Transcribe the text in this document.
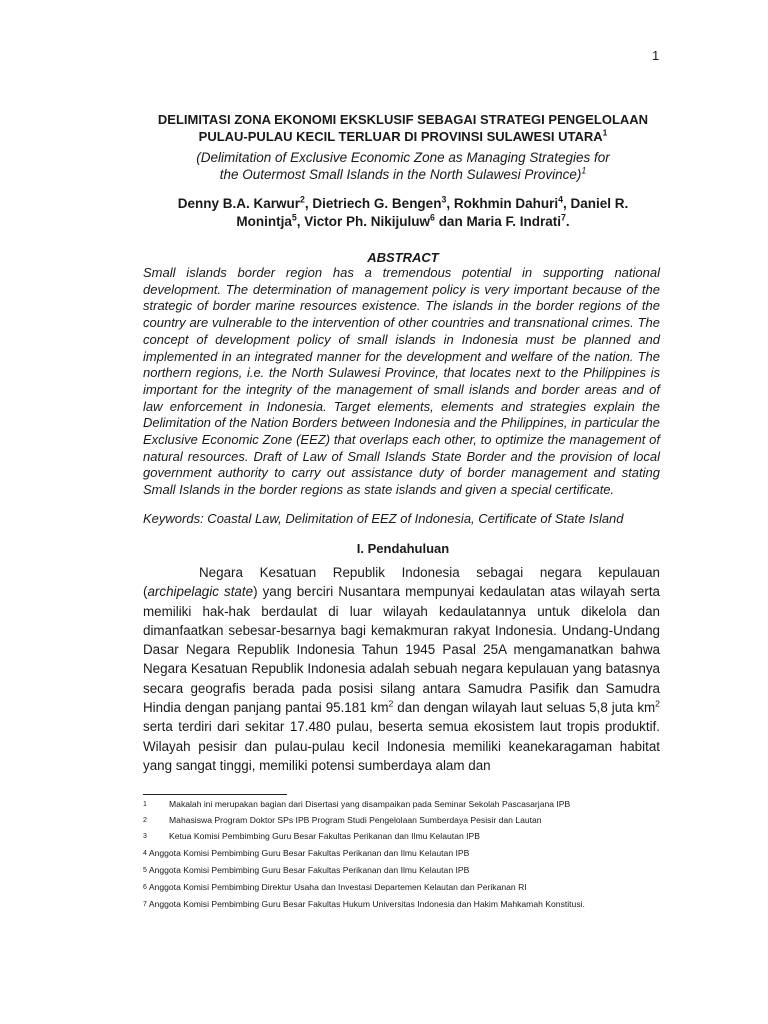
1
DELIMITASI ZONA EKONOMI EKSKLUSIF SEBAGAI STRATEGI PENGELOLAAN
PULAU-PULAU KECIL TERLUAR DI PROVINSI SULAWESI UTARA$^1$
(Delimitation of Exclusive Economic Zone as Managing Strategies for
the Outermost Small Islands in the North Sulawesi Province)$^1$
Denny B.A. Karwur$^2$, Dietriech G. Bengen$^3$, Rokhmin Dahuri$^4$, Daniel R.
Monintja$^5$, Victor Ph. Nikijuluw$^6$ dan Maria F. Indrati$^7$.
ABSTRACT

Small islands border region has a tremendous potential in supporting national development. The determination of management policy is very important because of the strategic of border marine resources existence. The islands in the border regions of the country are vulnerable to the intervention of other countries and transnational crimes. The concept of development policy of small islands in Indonesia must be planned and implemented in an integrated manner for the development and welfare of the nation. The northern regions, i.e. the North Sulawesi Province, that locates next to the Philippines is important for the integrity of the management of small islands and border areas and of law enforcement in Indonesia. Target elements, elements and strategies explain the Delimitation of the Nation Borders between Indonesia and the Philippines, in particular the Exclusive Economic Zone (EEZ) that overlaps each other, to optimize the management of natural resources. Draft of Law of Small Islands State Border and the provision of local government authority to carry out assistance duty of border management and stating Small Islands in the border regions as state islands and given a special certificate.

Keywords: Coastal Law, Delimitation of EEZ of Indonesia, Certificate of State Island

I. Pendahuluan

Negara Kesatuan Republik Indonesia sebagai negara kepulauan (archipelagic state) yang berciri Nusantara mempunyai kedaulatan atas wilayah serta memiliki hak-hak berdaulat di luar wilayah kedaulatannya untuk dikelola dan dimanfaatkan sebesar-besarnya bagi kemakmuran rakyat Indonesia. Undang-Undang Dasar Negara Republik Indonesia Tahun 1945 Pasal 25A mengamanatkan bahwa Negara Kesatuan Republik Indonesia adalah sebuah negara kepulauan yang batasnya secara geografis berada pada posisi silang antara Samudra Pasifik dan Samudra Hindia dengan panjang pantai 95.181 $km^2$ dan dengan wilayah laut seluas 5,8 juta $km^2$ serta terdiri dari sekitar 17.480 pulau, beserta semua ekosistem laut tropis produktif. Wilayah pesisir dan pulau-pulau kecil Indonesia memiliki keanekaragaman habitat yang sangat tinggi, memiliki potensi sumberdaya alam dan

1	Makalah ini merupakan bagian dari Disertasi yang disampaikan pada Seminar Sekolah Pascasarjana IPB
2	Mahasiswa Program Doktor SPs IPB Program Studi Pengelolaan Sumberdaya Pesisir dan Lautan
3	Ketua Komisi Pembimbing Guru Besar Fakultas Perikanan dan Ilmu Kelautan IPB
4 Anggota Komisi Pembimbing Guru Besar Fakultas Perikanan dan Ilmu Kelautan IPB
5 Anggota Komisi Pembimbing Guru Besar Fakultas Perikanan dan Ilmu Kelautan IPB
6 Anggota Komisi Pembimbing Direktur Usaha dan Investasi Departemen Kelautan dan Perikanan RI
7 Anggota Komisi Pembimbing Guru Besar Fakultas Hukum Universitas Indonesia dan Hakim Mahkamah Konstitusi.
